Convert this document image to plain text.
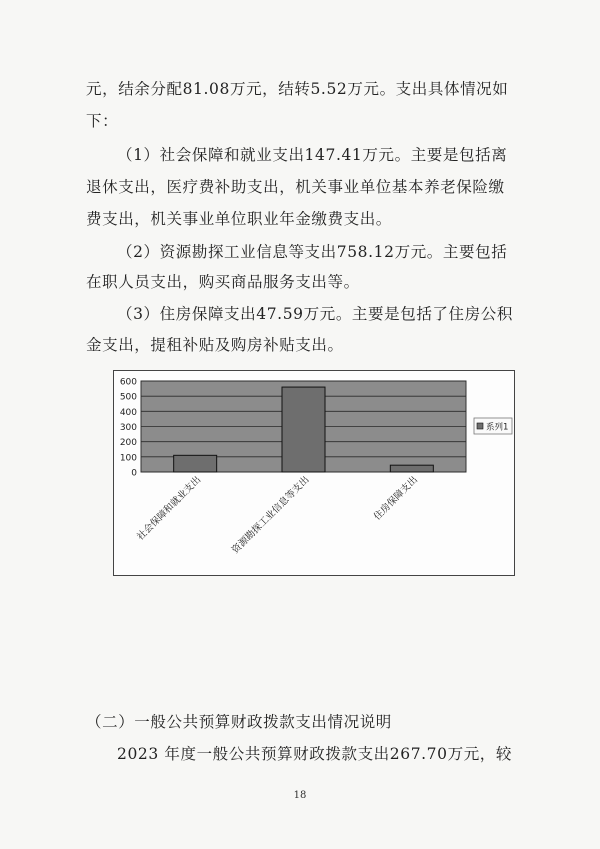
元，结余分配81.08万元，结转5.52万元。支出具体情况如

下：

（1）社会保障和就业支出147.41万元。主要是包括离

退休支出，医疗费补助支出，机关事业单位基本养老保险缴

费支出，机关事业单位职业年金缴费支出。

（2）资源勘探工业信息等支出758.12万元。主要包括

在职人员支出，购买商品服务支出等。

（3）住房保障支出47.59万元。主要是包括了住房公积

金支出，提租补贴及购房补贴支出。

0
100
200
300
400
500
600
社会保障和就业支出	资源勘探工业信息等支出	住房保障支出
系列1

（二）一般公共预算财政拨款支出情况说明

2023 年度一般公共预算财政拨款支出267.70万元，较

18
